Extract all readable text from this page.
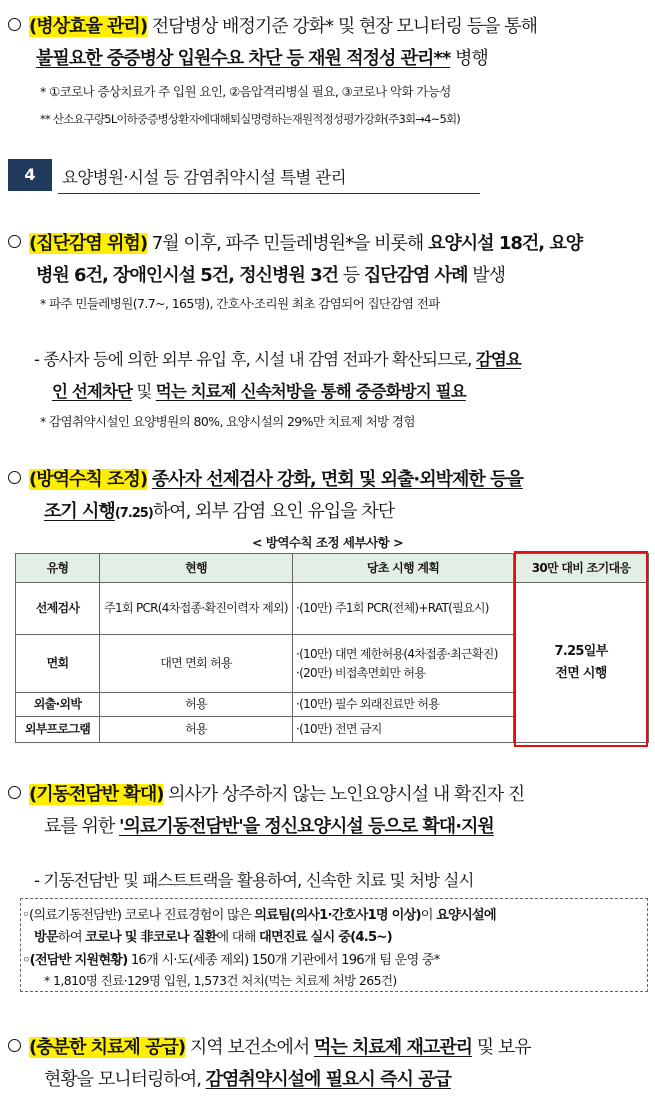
(병상효율 관리) 전담병상 배정기준 강화* 및 현장 모니터링 등을 통해
불필요한 중증병상 입원수요 차단 등 재원 적정성 관리** 병행
* ①코로나 증상치료가 주 입원 요인, ②음압격리병실 필요, ③코로나 악화 가능성
** 산소요구량5L이하중증병상환자에대해퇴실명령하는재원적정성평가강화(주3회→4~5회)
4	요양병원·시설 등 감염취약시설 특별 관리
(집단감염 위험) 7월 이후, 파주 민들레병원*을 비롯해 요양시설 18건, 요양
병원 6건, 장애인시설 5건, 정신병원 3건 등 집단감염 사례 발생
* 파주 민들레병원(7.7~, 165명), 간호사·조리원 최초 감염되어 집단감염 전파
- 종사자 등에 의한 외부 유입 후, 시설 내 감염 전파가 확산되므로, 감염요
인 선제차단 및 먹는 치료제 신속처방을 통해 중증화방지 필요
* 감염취약시설인 요양병원의 80%, 요양시설의 29%만 치료제 처방 경험
(방역수칙 조정) 종사자 선제검사 강화, 면회 및 외출·외박제한 등을
조기 시행(7.25)하여, 외부 감염 요인 유입을 차단
< 방역수칙 조정 세부사항 >
유형	현행	당초 시행 계획	30만 대비 조기대응
선제검사	주1회 PCR(4차접종·확진이력자 제외)	·(10만) 주1회 PCR(전체)+RAT(필요시)	7.25일부
전면 시행

면회	대면 면회 허용	·(10만) 대면 제한허용(4차접종·최근확진)
·(20만) 비접촉면회만 허용	

외출·외박	허용	·(10만) 필수 외래진료만 허용	
외부프로그램	허용	·(10만) 전면 금지	
(기동전담반 확대) 의사가 상주하지 않는 노인요양시설 내 확진자 진
료를 위한 '의료기동전담반'을 정신요양시설 등으로 확대·지원
- 기동전담반 및 패스트트랙을 활용하여, 신속한 치료 및 처방 실시
◦(의료기동전담반) 코로나 진료경험이 많은 의료팀(의사1·간호사1명 이상)이 요양시설에
방문하여 코로나 및 非코로나 질환에 대해 대면진료 실시 중(4.5~)
◦(전담반 지원현황) 16개 시·도(세종 제외) 150개 기관에서 196개 팀 운영 중*
* 1,810명 진료·129명 입원, 1,573건 처치(먹는 치료제 처방 265건)
(충분한 치료제 공급) 지역 보건소에서 먹는 치료제 재고관리 및 보유
현황을 모니터링하여, 감염취약시설에 필요시 즉시 공급
